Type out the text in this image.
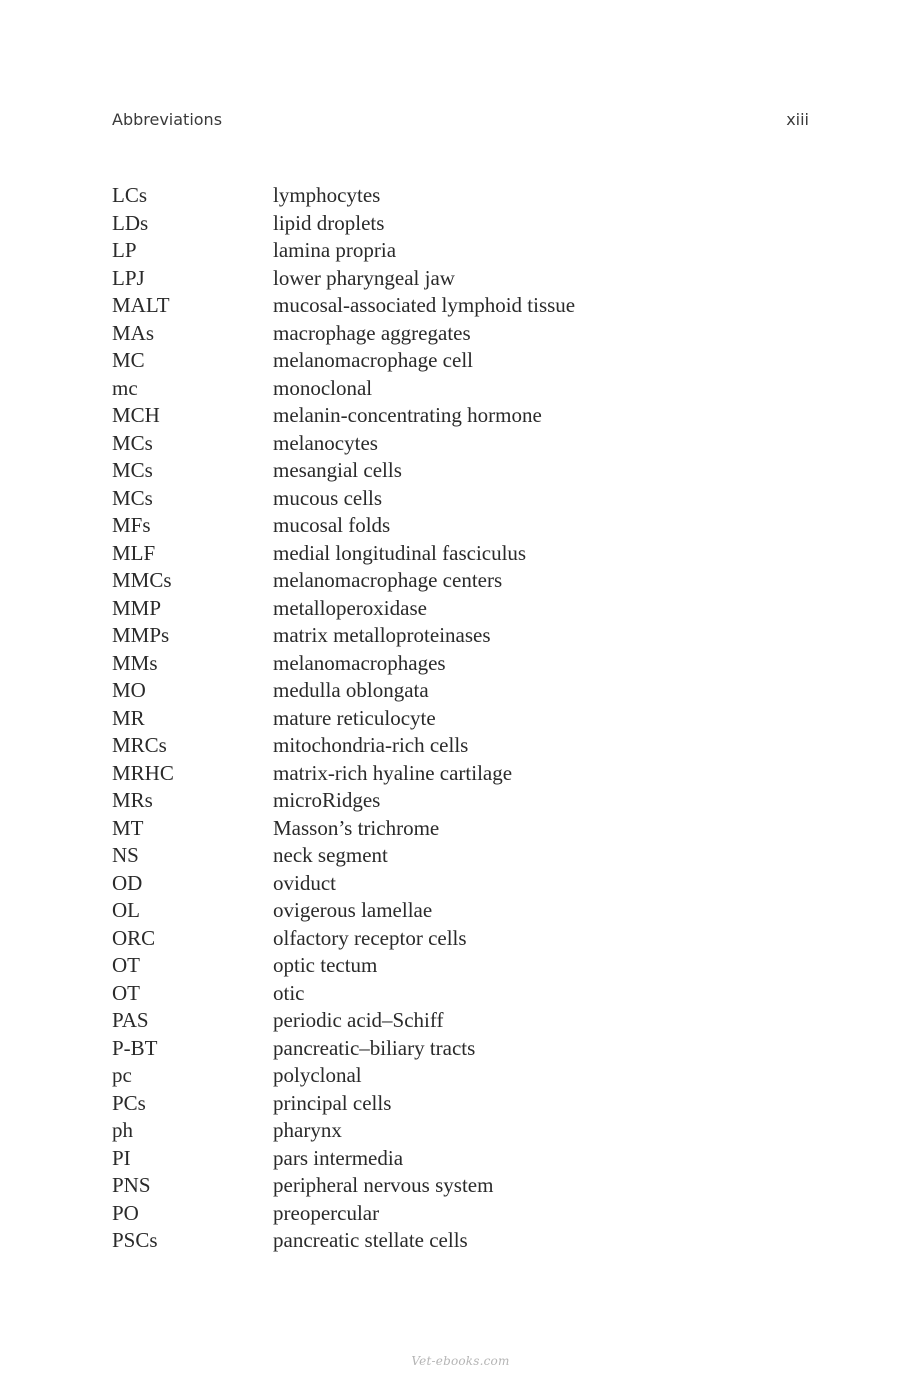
Abbreviations	xiii
LCs	lymphocytes
LDs	lipid droplets
LP	lamina propria
LPJ	lower pharyngeal jaw
MALT	mucosal-associated lymphoid tissue
MAs	macrophage aggregates
MC	melanomacrophage cell
mc	monoclonal
MCH	melanin-concentrating hormone
MCs	melanocytes
MCs	mesangial cells
MCs	mucous cells
MFs	mucosal folds
MLF	medial longitudinal fasciculus
MMCs	melanomacrophage centers
MMP	metalloperoxidase
MMPs	matrix metalloproteinases
MMs	melanomacrophages
MO	medulla oblongata
MR	mature reticulocyte
MRCs	mitochondria-rich cells
MRHC	matrix-rich hyaline cartilage
MRs	microRidges
MT	Masson’s trichrome
NS	neck segment
OD	oviduct
OL	ovigerous lamellae
ORC	olfactory receptor cells
OT	optic tectum
OT	otic
PAS	periodic acid–Schiff
P-BT	pancreatic–biliary tracts
pc	polyclonal
PCs	principal cells
ph	pharynx
PI	pars intermedia
PNS	peripheral nervous system
PO	preopercular
PSCs	pancreatic stellate cells
Vet-ebooks.com
